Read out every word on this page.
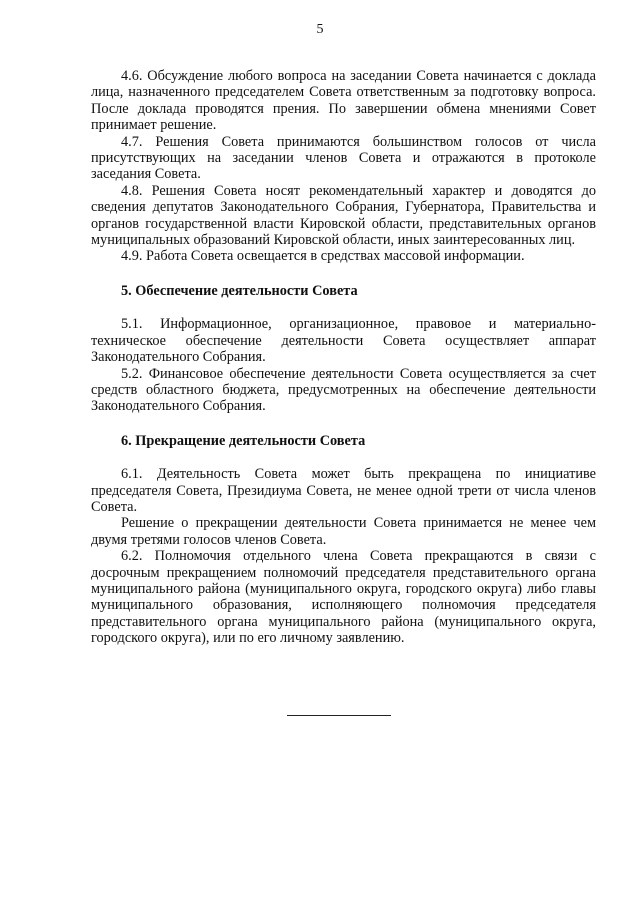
5

4.6. Обсуждение любого вопроса на заседании Совета начинается с доклада лица, назначенного председателем Совета ответственным за подготовку вопроса. После доклада проводятся прения. По завершении обмена мнениями Совет принимает решение.

4.7. Решения Совета принимаются большинством голосов от числа присутствующих на заседании членов Совета и отражаются в протоколе заседания Совета.

4.8. Решения Совета носят рекомендательный характер и доводятся до сведения депутатов Законодательного Собрания, Губернатора, Правительства и органов государственной власти Кировской области, представительных органов муниципальных образований Кировской области, иных заинтересованных лиц.

4.9. Работа Совета освещается в средствах массовой информации.

5. Обеспечение деятельности Совета

5.1. Информационное, организационное, правовое и материально-техническое обеспечение деятельности Совета осуществляет аппарат Законодательного Собрания.

5.2. Финансовое обеспечение деятельности Совета осуществляется за счет средств областного бюджета, предусмотренных на обеспечение деятельности Законодательного Собрания.

6. Прекращение деятельности Совета

6.1. Деятельность Совета может быть прекращена по инициативе председателя Совета, Президиума Совета, не менее одной трети от числа членов Совета.

Решение о прекращении деятельности Совета принимается не менее чем двумя третями голосов членов Совета.

6.2. Полномочия отдельного члена Совета прекращаются в связи с досрочным прекращением полномочий председателя представительного органа муниципального района (муниципального округа, городского округа) либо главы муниципального образования, исполняющего полномочия председателя представительного органа муниципального района (муниципального округа, городского округа), или по его личному заявлению.
